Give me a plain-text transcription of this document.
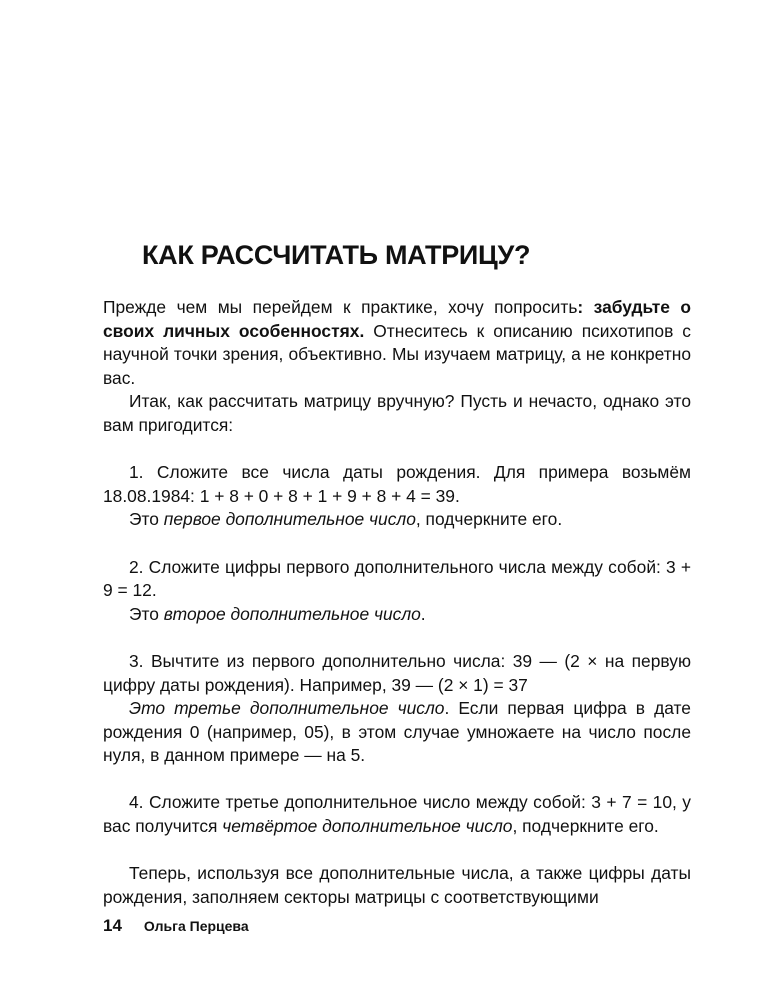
КАК РАССЧИТАТЬ МАТРИЦУ?

Прежде чем мы перейдем к практике, хочу попросить: забудьте о своих личных особенностях. Отнеситесь к описанию психотипов с научной точки зрения, объективно. Мы изучаем матрицу, а не конкретно вас.

Итак, как рассчитать матрицу вручную? Пусть и нечасто, однако это вам пригодится:

1. Сложите все числа даты рождения. Для примера возьмём 18.08.1984: 1 + 8 + 0 + 8 + 1 + 9 + 8 + 4 = 39.

Это первое дополнительное число, подчеркните его.

2. Сложите цифры первого дополнительного числа между собой: 3 + 9 = 12.

Это второе дополнительное число.

3. Вычтите из первого дополнительно числа: 39 — (2 × на первую цифру даты рождения). Например, 39 — (2 × 1) = 37

Это третье дополнительное число. Если первая цифра в дате рождения 0 (например, 05), в этом случае умножаете на число после нуля, в данном примере — на 5.

4. Сложите третье дополнительное число между собой: 3 + 7 = 10, у вас получится четвёртое дополнительное число, подчеркните его.

Теперь, используя все дополнительные числа, а также цифры даты рождения, заполняем секторы матрицы с соответствующими

14 Ольга Перцева
